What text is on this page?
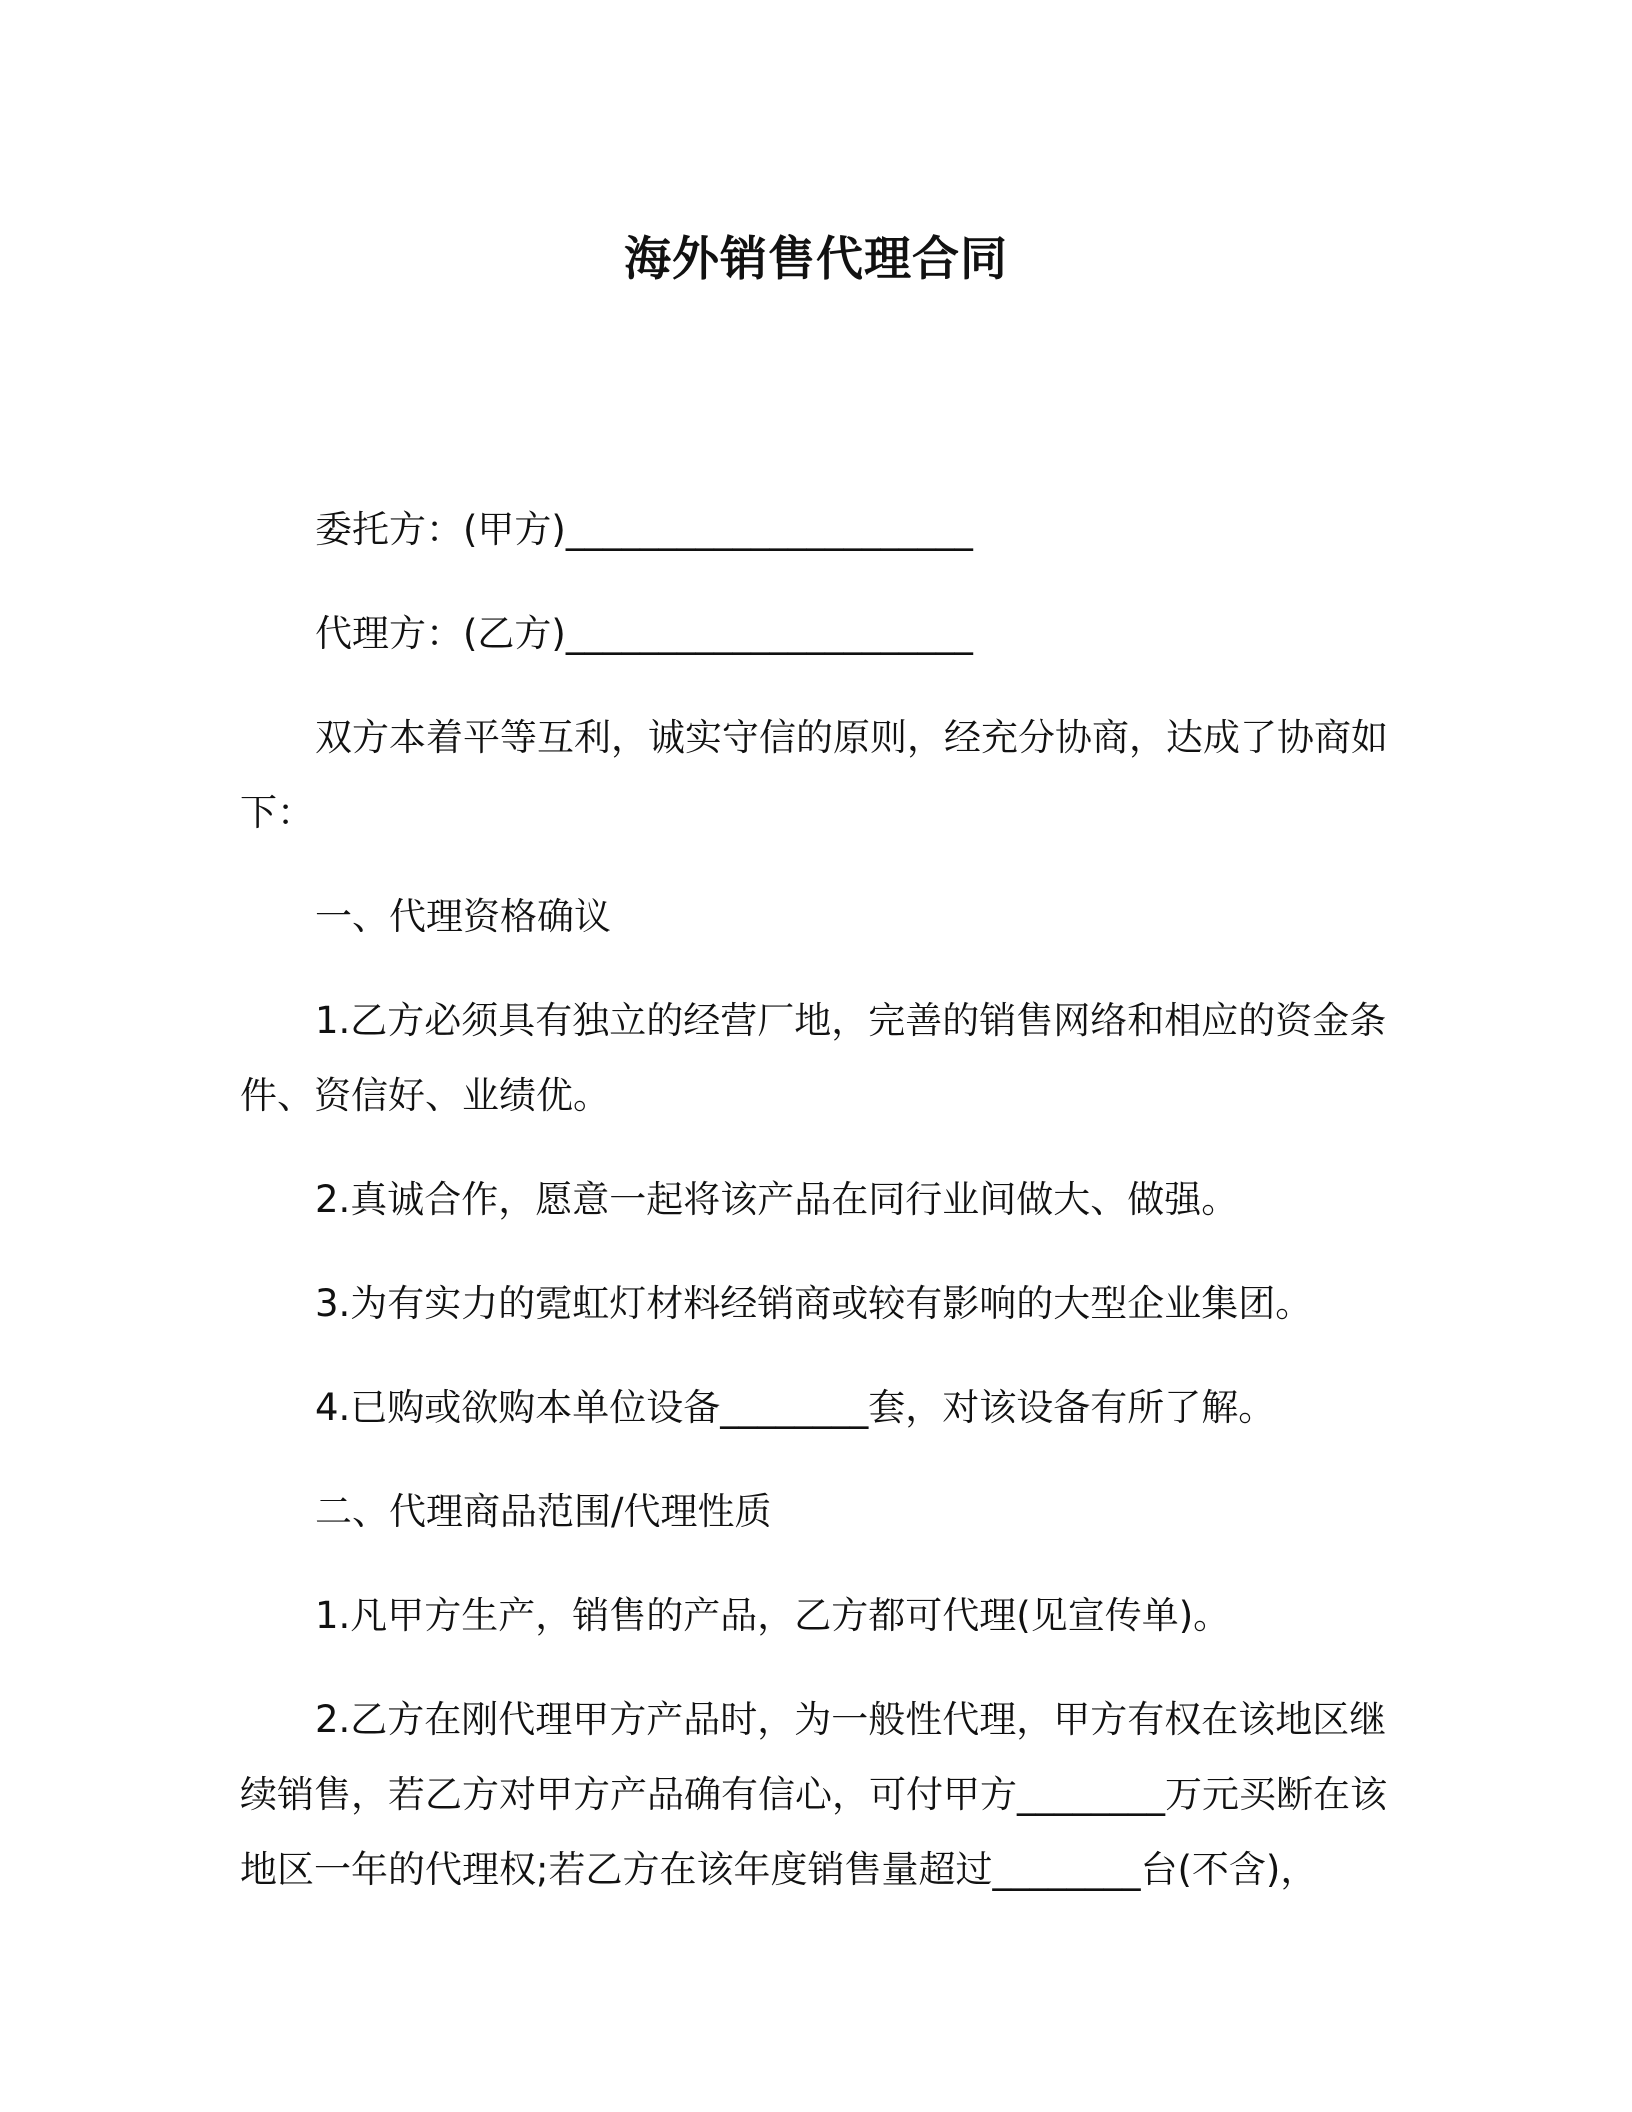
海外销售代理合同

委托方：(甲方)______________________

代理方：(乙方)______________________

双方本着平等互利，诚实守信的原则，经充分协商，达成了协商如下：

一、代理资格确议

1.乙方必须具有独立的经营厂地，完善的销售网络和相应的资金条件、资信好、业绩优。

2.真诚合作，愿意一起将该产品在同行业间做大、做强。

3.为有实力的霓虹灯材料经销商或较有影响的大型企业集团。

4.已购或欲购本单位设备________套，对该设备有所了解。

二、代理商品范围/代理性质

1.凡甲方生产，销售的产品，乙方都可代理(见宣传单)。

2.乙方在刚代理甲方产品时，为一般性代理，甲方有权在该地区继续销售，若乙方对甲方产品确有信心，可付甲方________万元买断在该地区一年的代理权;若乙方在该年度销售量超过________台(不含)，
